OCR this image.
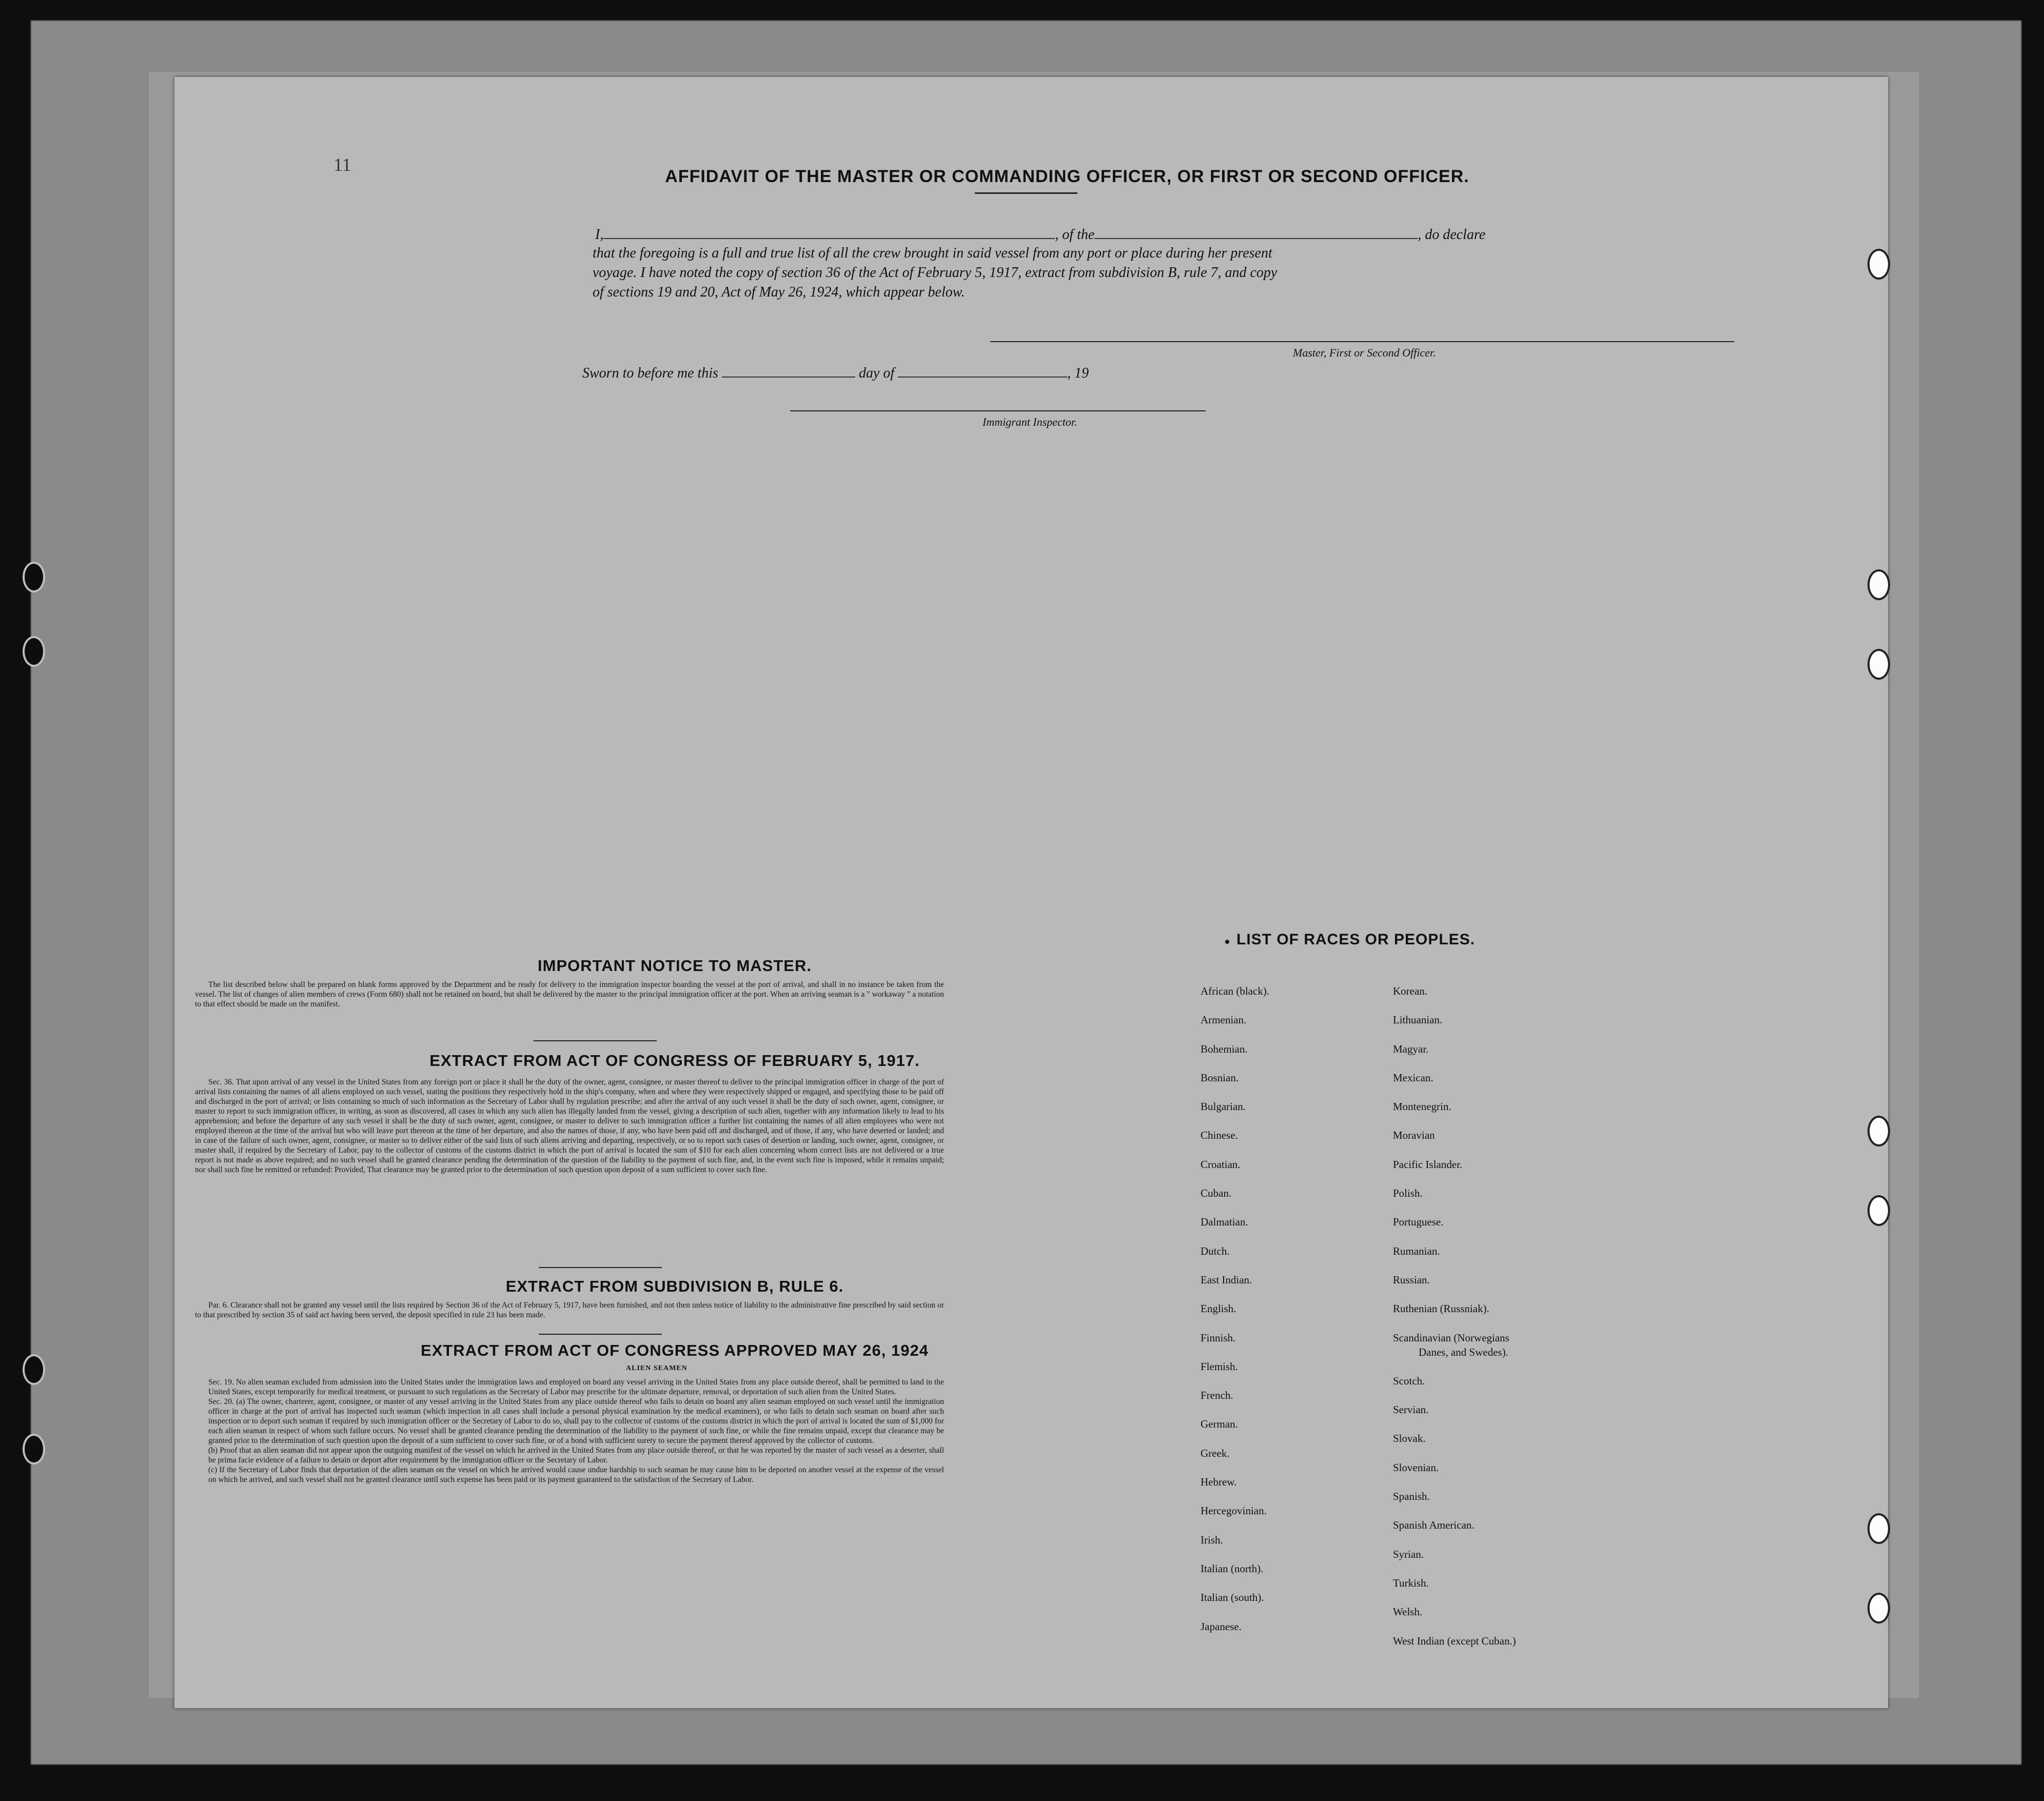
11
AFFIDAVIT OF THE MASTER OR COMMANDING OFFICER, OR FIRST OR SECOND OFFICER.
I,	, of the	, do declare
that the foregoing is a full and true list of all the crew brought in said vessel from any port or place during her present
voyage. I have noted the copy of section 36 of the Act of February 5, 1917, extract from subdivision B, rule 7, and copy
of sections 19 and 20, Act of May 26, 1924, which appear below.
Master, First or Second Officer.
Sworn to before me this	day of	, 19
Immigrant Inspector.
IMPORTANT NOTICE TO MASTER.
The list described below shall be prepared on blank forms approved by the Department and be ready for delivery to the immigration inspector boarding the vessel at the port of arrival, and shall in no instance be taken from the vessel. The list of changes of alien members of crews (Form 680) shall not be retained on board, but shall be delivered by the master to the principal immigration officer at the port. When an arriving seaman is a " workaway " a notation to that effect should be made on the manifest.
EXTRACT FROM ACT OF CONGRESS OF FEBRUARY 5, 1917.
Sec. 36. That upon arrival of any vessel in the United States from any foreign port or place it shall be the duty of the owner, agent, consignee, or master thereof to deliver to the principal immigration officer in charge of the port of arrival lists containing the names of all aliens employed on such vessel, stating the positions they respectively hold in the ship's company, when and where they were respectively shipped or engaged, and specifying those to be paid off and discharged in the port of arrival; or lists containing so much of such information as the Secretary of Labor shall by regulation prescribe; and after the arrival of any such vessel it shall be the duty of such owner, agent, consignee, or master to report to such immigration officer, in writing, as soon as discovered, all cases in which any such alien has illegally landed from the vessel, giving a description of such alien, together with any information likely to lead to his apprehension; and before the departure of any such vessel it shall be the duty of such owner, agent, consignee, or master to deliver to such immigration officer a further list containing the names of all alien employees who were not employed thereon at the time of the arrival but who will leave port thereon at the time of her departure, and also the names of those, if any, who have been paid off and discharged, and of those, if any, who have deserted or landed; and in case of the failure of such owner, agent, consignee, or master so to deliver either of the said lists of such aliens arriving and departing, respectively, or so to report such cases of desertion or landing, such owner, agent, consignee, or master shall, if required by the Secretary of Labor, pay to the collector of customs of the customs district in which the port of arrival is located the sum of $10 for each alien concerning whom correct lists are not delivered or a true report is not made as above required; and no such vessel shall be granted clearance pending the determination of the question of the liability to the payment of such fine, and, in the event such fine is imposed, while it remains unpaid; nor shall such fine be remitted or refunded: Provided, That clearance may be granted prior to the determination of such question upon deposit of a sum sufficient to cover such fine.
EXTRACT FROM SUBDIVISION B, RULE 6.
Par. 6. Clearance shall not be granted any vessel until the lists required by Section 36 of the Act of February 5, 1917, have been furnished, and not then unless notice of liability to the administrative fine prescribed by said section or to that prescribed by section 35 of said act having been served, the deposit specified in rule 23 has been made.
EXTRACT FROM ACT OF CONGRESS APPROVED MAY 26, 1924
ALIEN SEAMEN
Sec. 19. No alien seaman excluded from admission into the United States under the immigration laws and employed on board any vessel arriving in the United States from any place outside thereof, shall be permitted to land in the United States, except temporarily for medical treatment, or pursuant to such regulations as the Secretary of Labor may prescribe for the ultimate departure, removal, or deportation of such alien from the United States.
Sec. 20. (a) The owner, charterer, agent, consignee, or master of any vessel arriving in the United States from any place outside thereof who fails to detain on board any alien seaman employed on such vessel until the immigration officer in charge at the port of arrival has inspected such seaman (which inspection in all cases shall include a personal physical examination by the medical examiners), or who fails to detain such seaman on board after such inspection or to deport such seaman if required by such immigration officer or the Secretary of Labor to do so, shall pay to the collector of customs of the customs district in which the port of arrival is located the sum of $1,000 for each alien seaman in respect of whom such failure occurs. No vessel shall be granted clearance pending the determination of the liability to the payment of such fine, or while the fine remains unpaid, except that clearance may be granted prior to the determination of such question upon the deposit of a sum sufficient to cover such fine, or of a bond with sufficient surety to secure the payment thereof approved by the collector of customs.
(b) Proof that an alien seaman did not appear upon the outgoing manifest of the vessel on which he arrived in the United States from any place outside thereof, or that he was reported by the master of such vessel as a deserter, shall be prima facie evidence of a failure to detain or deport after requirement by the immigration officer or the Secretary of Labor.
(c) If the Secretary of Labor finds that deportation of the alien seaman on the vessel on which he arrived would cause undue hardship to such seaman he may cause him to be deported on another vessel at the expense of the vessel on which he arrived, and such vessel shall not be granted clearance until such expense has been paid or its payment guaranteed to the satisfaction of the Secretary of Labor.
LIST OF RACES OR PEOPLES.
African (black).
Armenian.
Bohemian.
Bosnian.
Bulgarian.
Chinese.
Croatian.
Cuban.
Dalmatian.
Dutch.
East Indian.
English.
Finnish.
Flemish.
French.
German.
Greek.
Hebrew.
Hercegovinian.
Irish.
Italian (north).
Italian (south).
Japanese.
Korean.
Lithuanian.
Magyar.
Mexican.
Montenegrin.
Moravian
Pacific Islander.
Polish.
Portuguese.
Rumanian.
Russian.
Ruthenian (Russniak).
Scandinavian (Norwegians
Danes, and Swedes).
Scotch.
Servian.
Slovak.
Slovenian.
Spanish.
Spanish American.
Syrian.
Turkish.
Welsh.
West Indian (except Cuban.)
